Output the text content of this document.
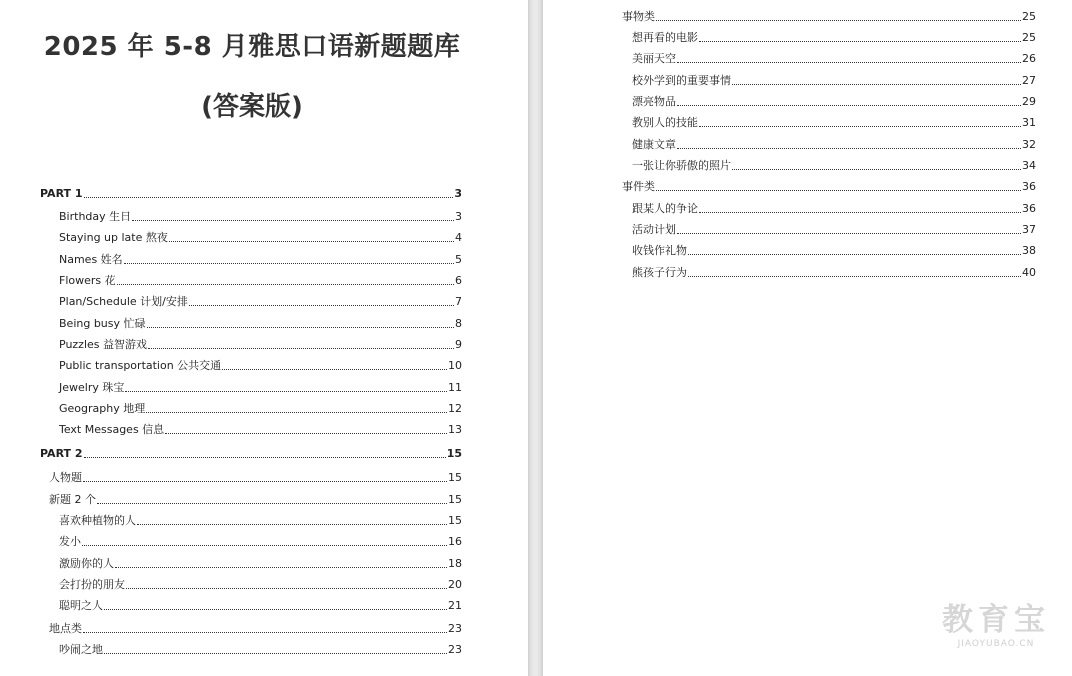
2025 年 5-8 月雅思口语新题题库
(答案版)
PART 1	3
Birthday 生日	3
Staying up late 熬夜	4
Names 姓名	5
Flowers 花	6
Plan/Schedule 计划/安排	7
Being busy 忙碌	8
Puzzles 益智游戏	9
Public transportation 公共交通	10
Jewelry 珠宝	11
Geography 地理	12
Text Messages 信息	13
PART 2	15
人物题	15
新题 2 个	15
喜欢种植物的人	15
发小	16
激励你的人	18
会打扮的朋友	20
聪明之人	21
地点类	23
吵闹之地	23
事物类	25
想再看的电影	25
美丽天空	26
校外学到的重要事情	27
漂亮物品	29
教别人的技能	31
健康文章	32
一张让你骄傲的照片	34
事件类	36
跟某人的争论	36
活动计划	37
收钱作礼物	38
熊孩子行为	40
教育宝
JIAOYUBAO.CN
